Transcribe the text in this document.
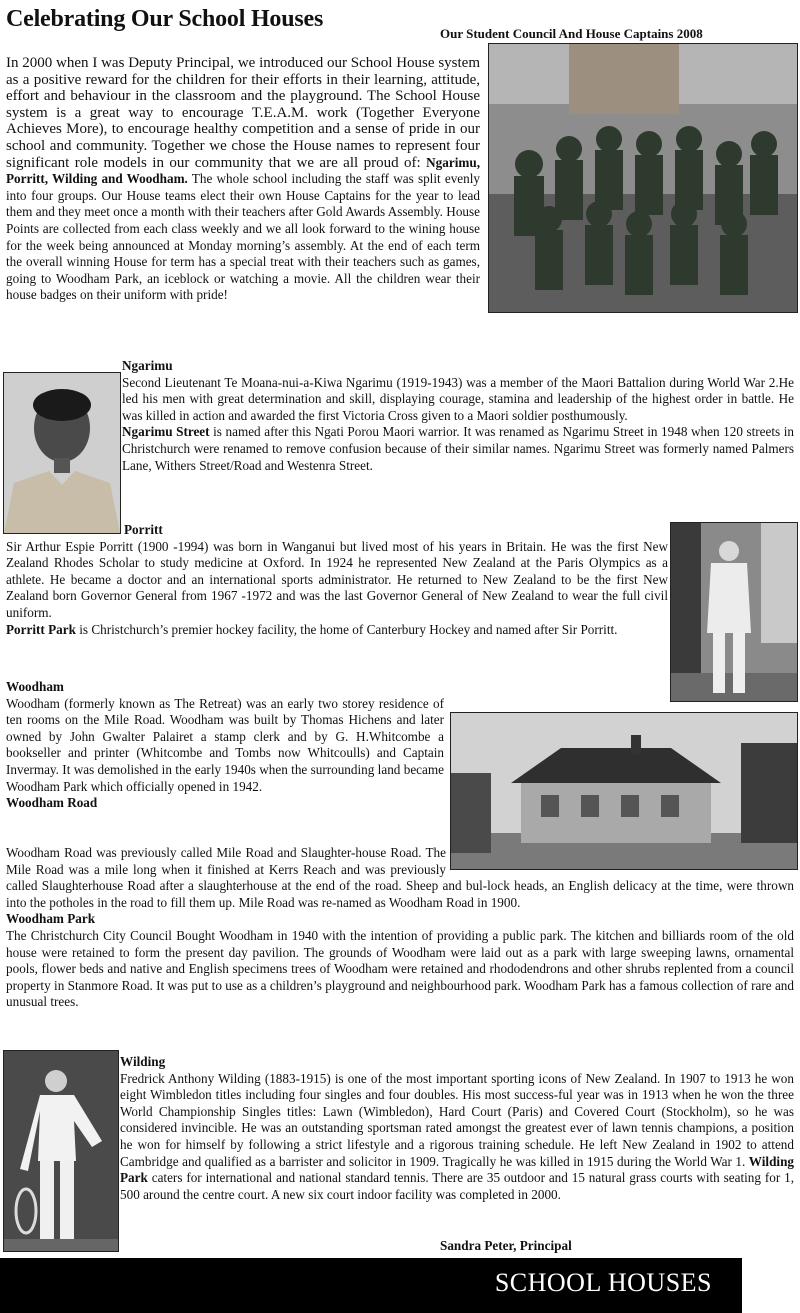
Celebrating Our School Houses
Our Student Council And House Captains 2008

In 2000 when I was Deputy Principal, we introduced our School House system as a positive reward for the children for their efforts in their learning, attitude, effort and behaviour in the classroom and the playground. The School House system is a great way to encourage T.E.A.M. work (Together Everyone Achieves More), to encourage healthy competition and a sense of pride in our school and community. Together we chose the House names to represent four significant role models in our community that we are all proud of: Ngarimu, Porritt, Wilding and Woodham. The whole school including the staff was split evenly into four groups. Our House teams elect their own House Captains for the year to lead them and they meet once a month with their teachers after Gold Awards Assembly. House Points are collected from each class weekly and we all look forward to the wining house for the week being announced at Monday morning’s assembly. At the end of each term the overall winning House for term has a special treat with their teachers such as games, going to Woodham Park, an iceblock or watching a movie. All the children wear their house badges on their uniform with pride!

Ngarimu

Second Lieutenant Te Moana-nui-a-Kiwa Ngarimu (1919-1943) was a member of the Maori Battalion during World War 2.He led his men with great determination and skill, displaying courage, stamina and leadership of the highest order in battle. He was killed in action and awarded the first Victoria Cross given to a Maori soldier posthumously.

Ngarimu Street is named after this Ngati Porou Maori warrior. It was renamed as Ngarimu Street in 1948 when 120 streets in Christchurch were renamed to remove confusion because of their similar names. Ngarimu Street was formerly named Palmers Lane, Withers Street/Road and Westenra Street.

Porritt

Sir Arthur Espie Porritt (1900 -1994) was born in Wanganui but lived most of his years in Britain. He was the first New Zealand Rhodes Scholar to study medicine at Oxford. In 1924 he represented New Zealand at the Paris Olympics as a athlete. He became a doctor and an international sports administrator. He returned to New Zealand to be the first New Zealand born Governor General from 1967 -1972 and was the last Governor General of New Zealand to wear the full civil uniform.

Porritt Park is Christchurch’s premier hockey facility, the home of Canterbury Hockey and named after Sir Porritt.

Woodham

Woodham (formerly known as The Retreat) was an early two storey residence of ten rooms on the Mile Road. Woodham was built by Thomas Hichens and later owned by John Gwalter Palairet a stamp clerk and by G. H.Whitcombe a bookseller and printer (Whitcombe and Tombs now Whitcoulls) and Captain Invermay. It was demolished in the early 1940s when the surrounding land became Woodham Park which officially opened in 1942.

Woodham Road

Woodham Road was previously called Mile Road and Slaughter-house Road. The Mile Road was a mile long when it finished at Kerrs Reach and was previously called Slaughterhouse Road after a slaughterhouse at the end of the road. Sheep and bul-lock heads, an English delicacy at the time, were thrown into the potholes in the road to fill them up. Mile Road was re-named as Woodham Road in 1900.

Woodham Park

The Christchurch City Council Bought Woodham in 1940 with the intention of providing a public park. The kitchen and billiards room of the old house were retained to form the present day pavilion. The grounds of Woodham were laid out as a park with large sweeping lawns, ornamental pools, flower beds and native and English specimens trees of Woodham were retained and rhododendrons and other shrubs replented from a council property in Stanmore Road. It was put to use as a children’s playground and neighbourhood park. Woodham Park has a famous collection of rare and unusual trees.

Wilding

Fredrick Anthony Wilding (1883-1915) is one of the most important sporting icons of New Zealand. In 1907 to 1913 he won eight Wimbledon titles including four singles and four doubles. His most success-ful year was in 1913 when he won the three World Championship Singles titles: Lawn (Wimbledon), Hard Court (Paris) and Covered Court (Stockholm), so he was considered invincible. He was an outstanding sportsman rated amongst the greatest ever of lawn tennis champions, a position he won for himself by following a strict lifestyle and a rigorous training schedule. He left New Zealand in 1902 to attend Cambridge and qualified as a barrister and solicitor in 1909. Tragically he was killed in 1915 during the World War 1. Wilding Park caters for international and national standard tennis. There are 35 outdoor and 15 natural grass courts with seating for 1, 500 around the centre court. A new six court indoor facility was completed in 2000.

Sandra Peter, Principal
SCHOOL HOUSES
